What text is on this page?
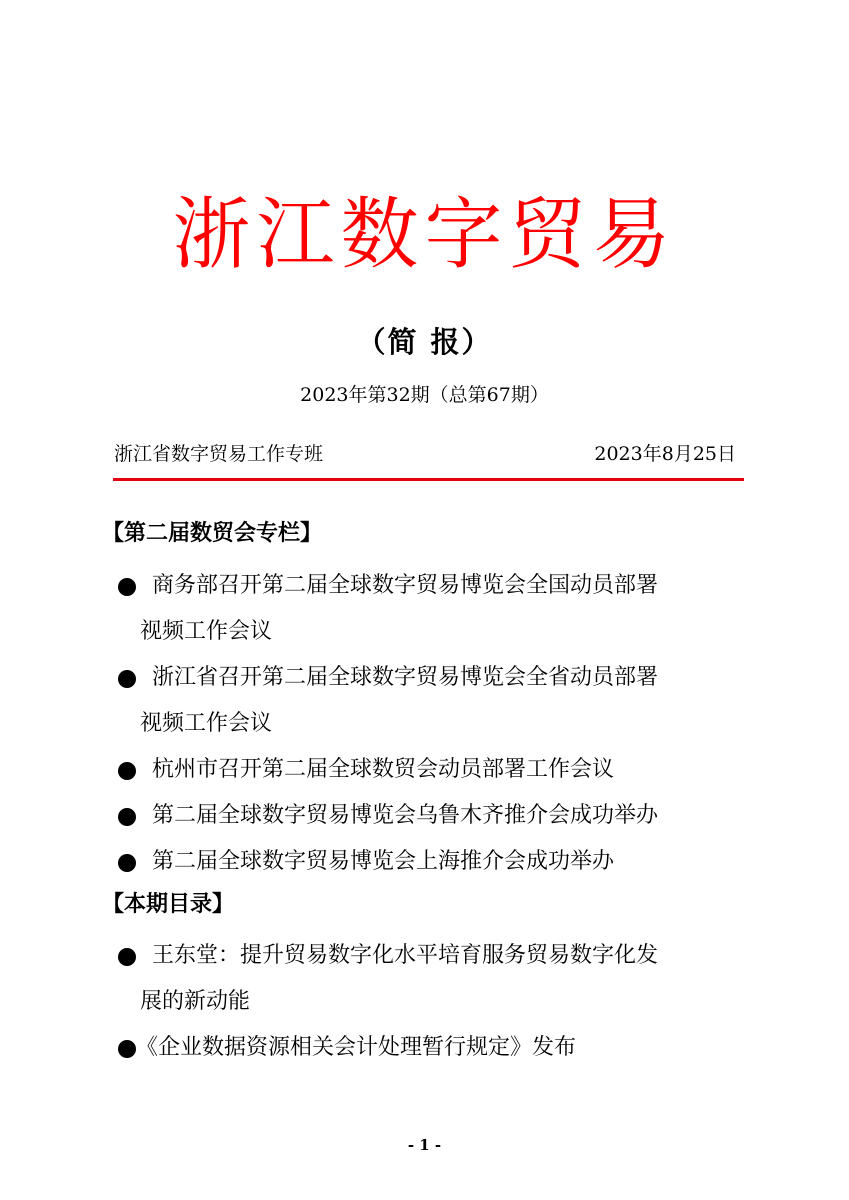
浙江数字贸易
（简 报）
2023年第32期（总第67期）
浙江省数字贸易工作专班	2023年8月25日
【第二届数贸会专栏】
商务部召开第二届全球数字贸易博览会全国动员部署
视频工作会议
浙江省召开第二届全球数字贸易博览会全省动员部署
视频工作会议
杭州市召开第二届全球数贸会动员部署工作会议
第二届全球数字贸易博览会乌鲁木齐推介会成功举办
第二届全球数字贸易博览会上海推介会成功举办
【本期目录】
王东堂：提升贸易数字化水平培育服务贸易数字化发
展的新动能
《企业数据资源相关会计处理暂行规定》发布
- 1 -
